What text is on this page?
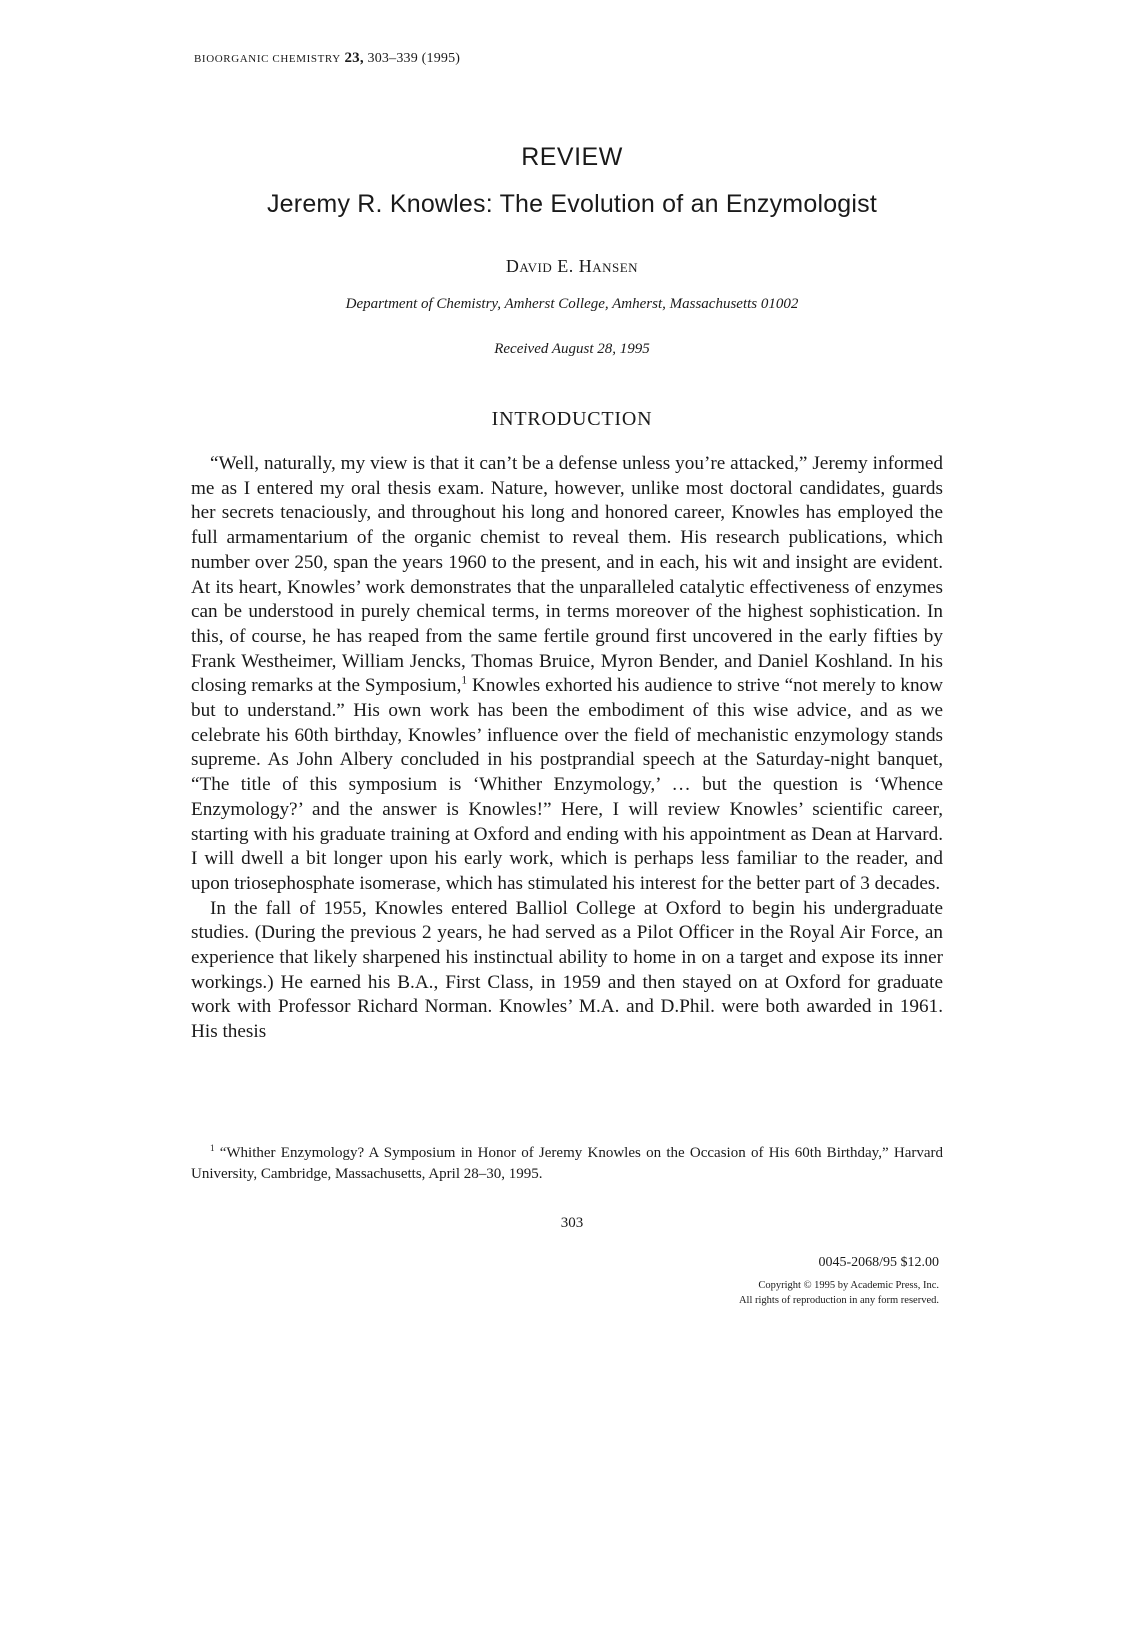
BIOORGANIC CHEMISTRY 23, 303–339 (1995)
REVIEW
Jeremy R. Knowles: The Evolution of an Enzymologist
David E. Hansen
Department of Chemistry, Amherst College, Amherst, Massachusetts 01002
Received August 28, 1995
INTRODUCTION

“Well, naturally, my view is that it can’t be a defense unless you’re attacked,” Jeremy informed me as I entered my oral thesis exam. Nature, however, unlike most doctoral candidates, guards her secrets tenaciously, and throughout his long and honored career, Knowles has employed the full armamentarium of the organic chemist to reveal them. His research publications, which number over 250, span the years 1960 to the present, and in each, his wit and insight are evident. At its heart, Knowles’ work demonstrates that the unparalleled catalytic effectiveness of enzymes can be understood in purely chemical terms, in terms moreover of the highest sophistication. In this, of course, he has reaped from the same fertile ground first uncovered in the early fifties by Frank Westheimer, William Jencks, Thomas Bruice, Myron Bender, and Daniel Koshland. In his closing remarks at the Symposium,$^1$ Knowles exhorted his audience to strive “not merely to know but to understand.” His own work has been the embodiment of this wise advice, and as we celebrate his 60th birthday, Knowles’ influence over the field of mechanistic enzymology stands supreme. As John Albery concluded in his postprandial speech at the Saturday-night banquet, “The title of this symposium is ‘Whither Enzymology,’ … but the question is ‘Whence Enzymology?’ and the answer is Knowles!” Here, I will review Knowles’ scientific career, starting with his graduate training at Oxford and ending with his appointment as Dean at Harvard. I will dwell a bit longer upon his early work, which is perhaps less familiar to the reader, and upon triosephosphate isomerase, which has stimulated his interest for the better part of 3 decades.

In the fall of 1955, Knowles entered Balliol College at Oxford to begin his undergraduate studies. (During the previous 2 years, he had served as a Pilot Officer in the Royal Air Force, an experience that likely sharpened his instinctual ability to home in on a target and expose its inner workings.) He earned his B.A., First Class, in 1959 and then stayed on at Oxford for graduate work with Professor Richard Norman. Knowles’ M.A. and D.Phil. were both awarded in 1961. His thesis

$^1$ “Whither Enzymology? A Symposium in Honor of Jeremy Knowles on the Occasion of His 60th Birthday,” Harvard University, Cambridge, Massachusetts, April 28–30, 1995.

303
0045-2068/95 $12.00
Copyright © 1995 by Academic Press, Inc.
All rights of reproduction in any form reserved.
